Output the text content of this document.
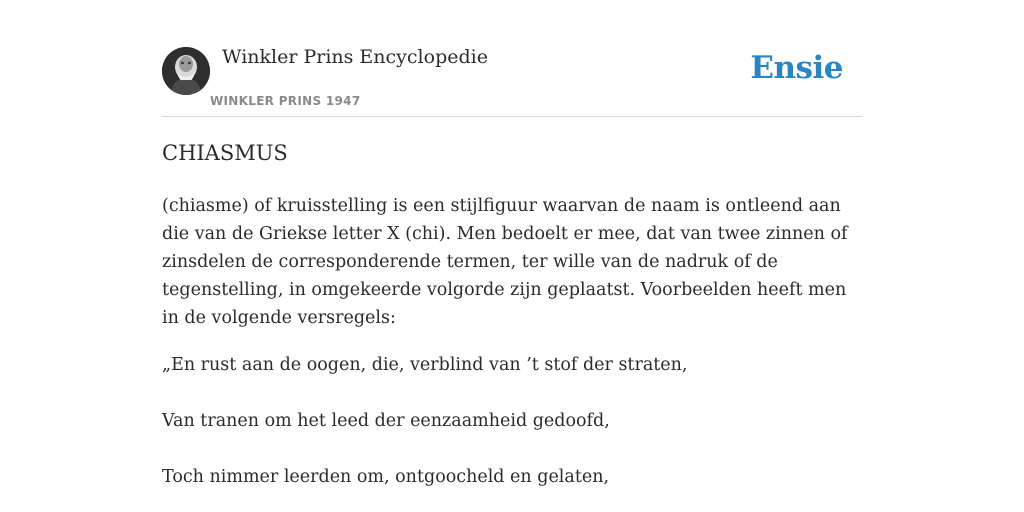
Winkler Prins Encyclopedie
WINKLER PRINS 1947
Ensie
CHIASMUS

(chiasme) of kruisstelling is een stijlfiguur waarvan de naam is ontleend aan die van de Griekse letter X (chi). Men bedoelt er mee, dat van twee zinnen of zinsdelen de corresponderende termen, ter wille van de nadruk of de tegenstelling, in omgekeerde volgorde zijn geplaatst. Voorbeelden heeft men in de volgende versregels:

„En rust aan de oogen, die, verblind van ’t stof der straten,

Van tranen om het leed der eenzaamheid gedoofd,

Toch nimmer leerden om, ontgoocheld en gelaten,
